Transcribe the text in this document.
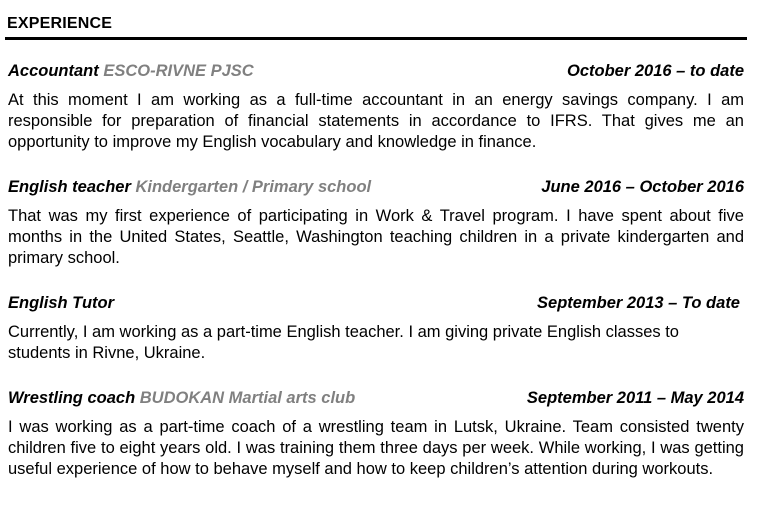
EXPERIENCE
Accountant ESCO-RIVNE PJSC	October 2016 – to date

At this moment I am working as a full-time accountant in an energy savings company. I am responsible for preparation of financial statements in accordance to IFRS. That gives me an opportunity to improve my English vocabulary and knowledge in finance.

English teacher Kindergarten / Primary school	June 2016 – October 2016

That was my first experience of participating in Work & Travel program. I have spent about five months in the United States, Seattle, Washington teaching children in a private kindergarten and primary school.

English Tutor	September 2013 – To date

Currently, I am working as a part-time English teacher. I am giving private English classes to students in Rivne, Ukraine.

Wrestling coach BUDOKAN Martial arts club	September 2011 – May 2014

I was working as a part-time coach of a wrestling team in Lutsk, Ukraine. Team consisted twenty children five to eight years old. I was training them three days per week. While working, I was getting useful experience of how to behave myself and how to keep children’s attention during workouts.
